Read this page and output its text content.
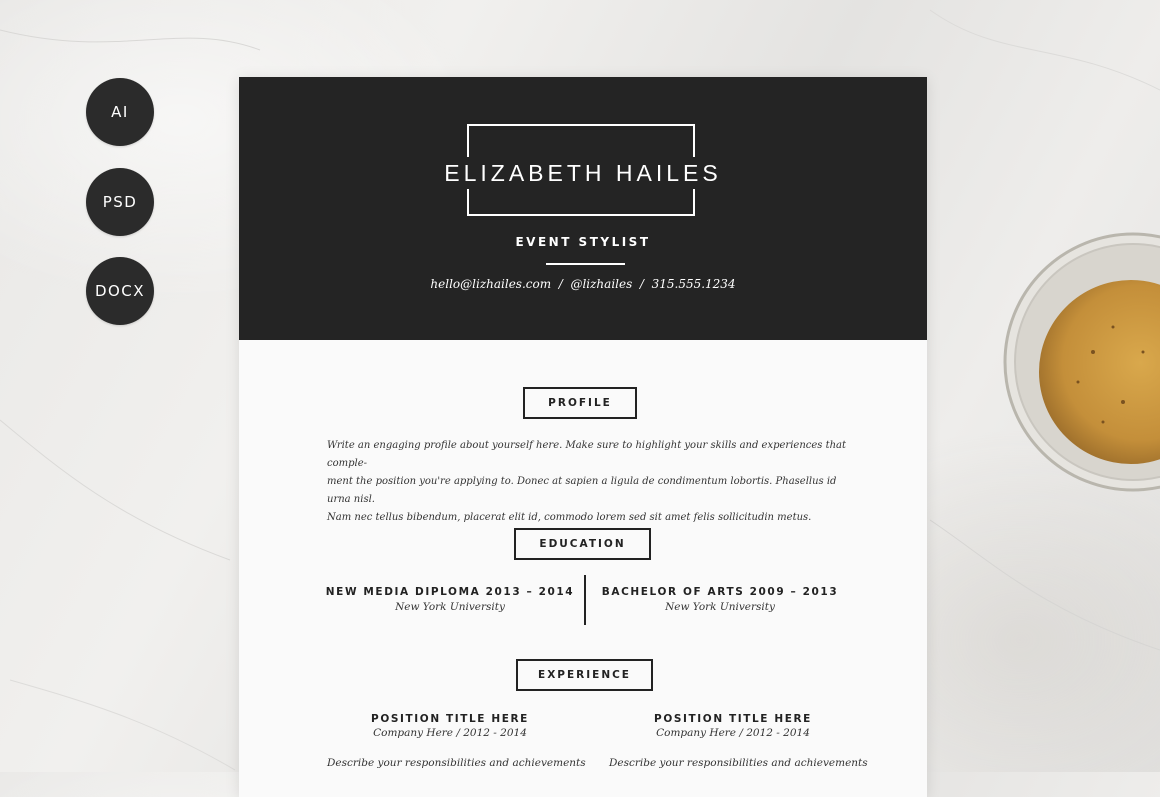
AI
PSD
DOCX
ELIZABETH HAILES
EVENT STYLIST
hello@lizhailes.com / @lizhailes / 315.555.1234
PROFILE
Write an engaging profile about yourself here. Make sure to highlight your skills and experiences that comple-
ment the position you're applying to. Donec at sapien a ligula de condimentum lobortis. Phasellus id urna nisl.
Nam nec tellus bibendum, placerat elit id, commodo lorem sed sit amet felis sollicitudin metus.
EDUCATION
NEW MEDIA DIPLOMA 2013 – 2014
New York University
BACHELOR OF ARTS 2009 – 2013
New York University
EXPERIENCE
POSITION TITLE HERE
Company Here / 2012 - 2014
Describe your responsibilities and achievements
POSITION TITLE HERE
Company Here / 2012 - 2014
Describe your responsibilities and achievements
